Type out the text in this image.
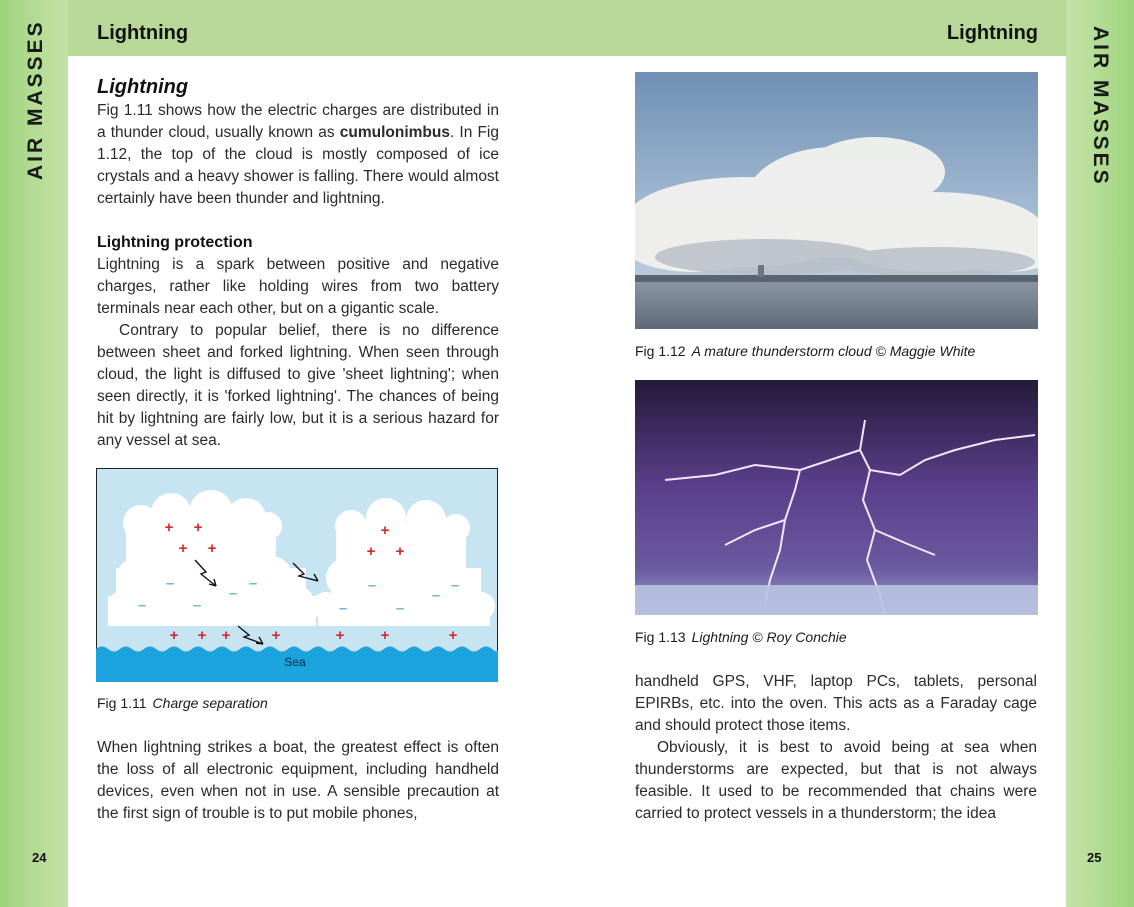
Lightning	Lightning
AIR MASSES	AIR MASSES
24	25
Lightning

Fig 1.11 shows how the electric charges are distributed in a thunder cloud, usually known as cumulonimbus. In Fig 1.12, the top of the cloud is mostly composed of ice crystals and a heavy shower is falling. There would almost certainly have been thunder and lightning.

Lightning protection

Lightning is a spark between positive and negative charges, rather like holding wires from two battery terminals near each other, but on a gigantic scale.

Contrary to popular belief, there is no difference between sheet and forked lightning. When seen through cloud, the light is diffused to give 'sheet lightning'; when seen directly, it is 'forked lightning'. The chances of being hit by lightning are fairly low, but it is a serious hazard for any vessel at sea.

Sea
+ +
+ +
+
+ +
+ + +	+	+ +	+
–	–
–
–	–
–	–
–
–	–
Fig 1.11 Charge separation

When lightning strikes a boat, the greatest effect is often the loss of all electronic equipment, including handheld devices, even when not in use. A sensible precaution at the first sign of trouble is to put mobile phones,

Fig 1.12 A mature thunderstorm cloud © Maggie White
Fig 1.13 Lightning © Roy Conchie

handheld GPS, VHF, laptop PCs, tablets, personal EPIRBs, etc. into the oven. This acts as a Faraday cage and should protect those items.

Obviously, it is best to avoid being at sea when thunderstorms are expected, but that is not always feasible. It used to be recommended that chains were carried to protect vessels in a thunderstorm; the idea
